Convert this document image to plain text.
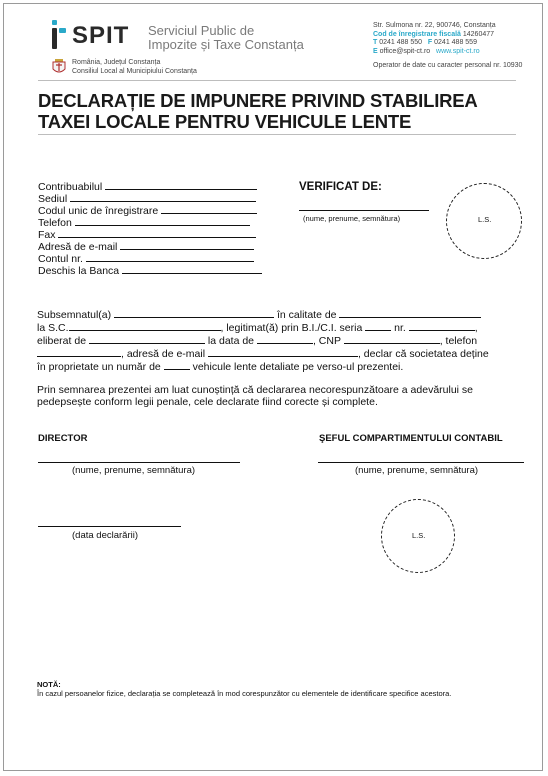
SPIT Serviciul Public de
Impozite și Taxe Constanța
Str. Sulmona nr. 22, 900746, Constanța
Cod de înregistrare fiscală 14260477
T 0241 488 550 F 0241 488 559
E office@spit-ct.ro www.spit-ct.ro
România, Județul Constanța
Consiliul Local al Municipiului Constanța
Operator de date cu caracter personal nr. 10930
DECLARAȚIE DE IMPUNERE PRIVIND STABILIREA
TAXEI LOCALE PENTRU VEHICULE LENTE
Contribuabilul
Sediul
Codul unic de înregistrare
Telefon
Fax
Adresă de e-mail
Contul nr.
Deschis la Banca
VERIFICAT DE:
(nume, prenume, semnătura)	L.S.
Subsemnatul(a)	în calitate de
la S.C.	, legitimat(ă) prin B.I./C.I. seria	nr.	,
eliberat de	la data de	, CNP	, telefon
, adresă de e-mail	, declar că societatea deține
în proprietate un număr de	vehicule lente detaliate pe verso-ul prezentei.
Prin semnarea prezentei am luat cunoștință că declararea necorespunzătoare a adevărului se pedepsește conform legii penale, cele declarate fiind corecte și complete.
DIRECTOR
(nume, prenume, semnătura)
ŞEFUL COMPARTIMENTULUI CONTABIL
(nume, prenume, semnătura)
(data declarării)	L.S.
NOTĂ:
În cazul persoanelor fizice, declarația se completează în mod corespunzător cu elementele de identificare specifice acestora.
